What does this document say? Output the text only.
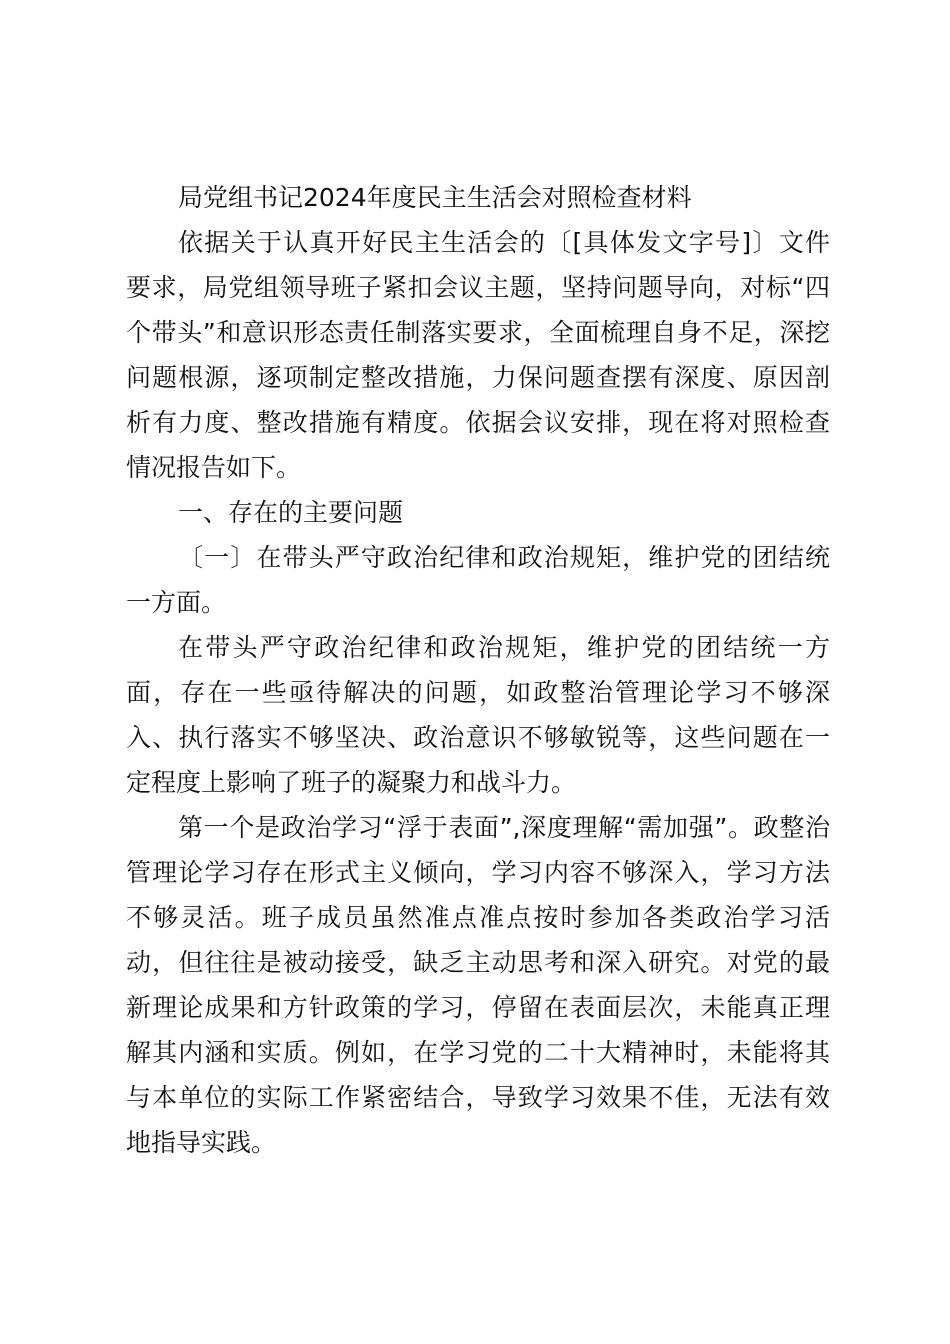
局党组书记2024年度民主生活会对照检查材料
依据关于认真开好民主生活会的〔[具体发文字号]〕文件
要求，局党组领导班子紧扣会议主题，坚持问题导向，对标“四
个带头”和意识形态责任制落实要求，全面梳理自身不足，深挖
问题根源，逐项制定整改措施，力保问题查摆有深度、原因剖
析有力度、整改措施有精度。依据会议安排，现在将对照检查
情况报告如下。
一、存在的主要问题
〔一〕在带头严守政治纪律和政治规矩，维护党的团结统
一方面。
在带头严守政治纪律和政治规矩，维护党的团结统一方
面，存在一些亟待解决的问题，如政整治管理论学习不够深
入、执行落实不够坚决、政治意识不够敏锐等，这些问题在一
定程度上影响了班子的凝聚力和战斗力。
第一个是政治学习“浮于表面”,深度理解“需加强”。政整治
管理论学习存在形式主义倾向，学习内容不够深入，学习方法
不够灵活。班子成员虽然准点准点按时参加各类政治学习活
动，但往往是被动接受，缺乏主动思考和深入研究。对党的最
新理论成果和方针政策的学习，停留在表面层次，未能真正理
解其内涵和实质。例如，在学习党的二十大精神时，未能将其
与本单位的实际工作紧密结合，导致学习效果不佳，无法有效
地指导实践。
